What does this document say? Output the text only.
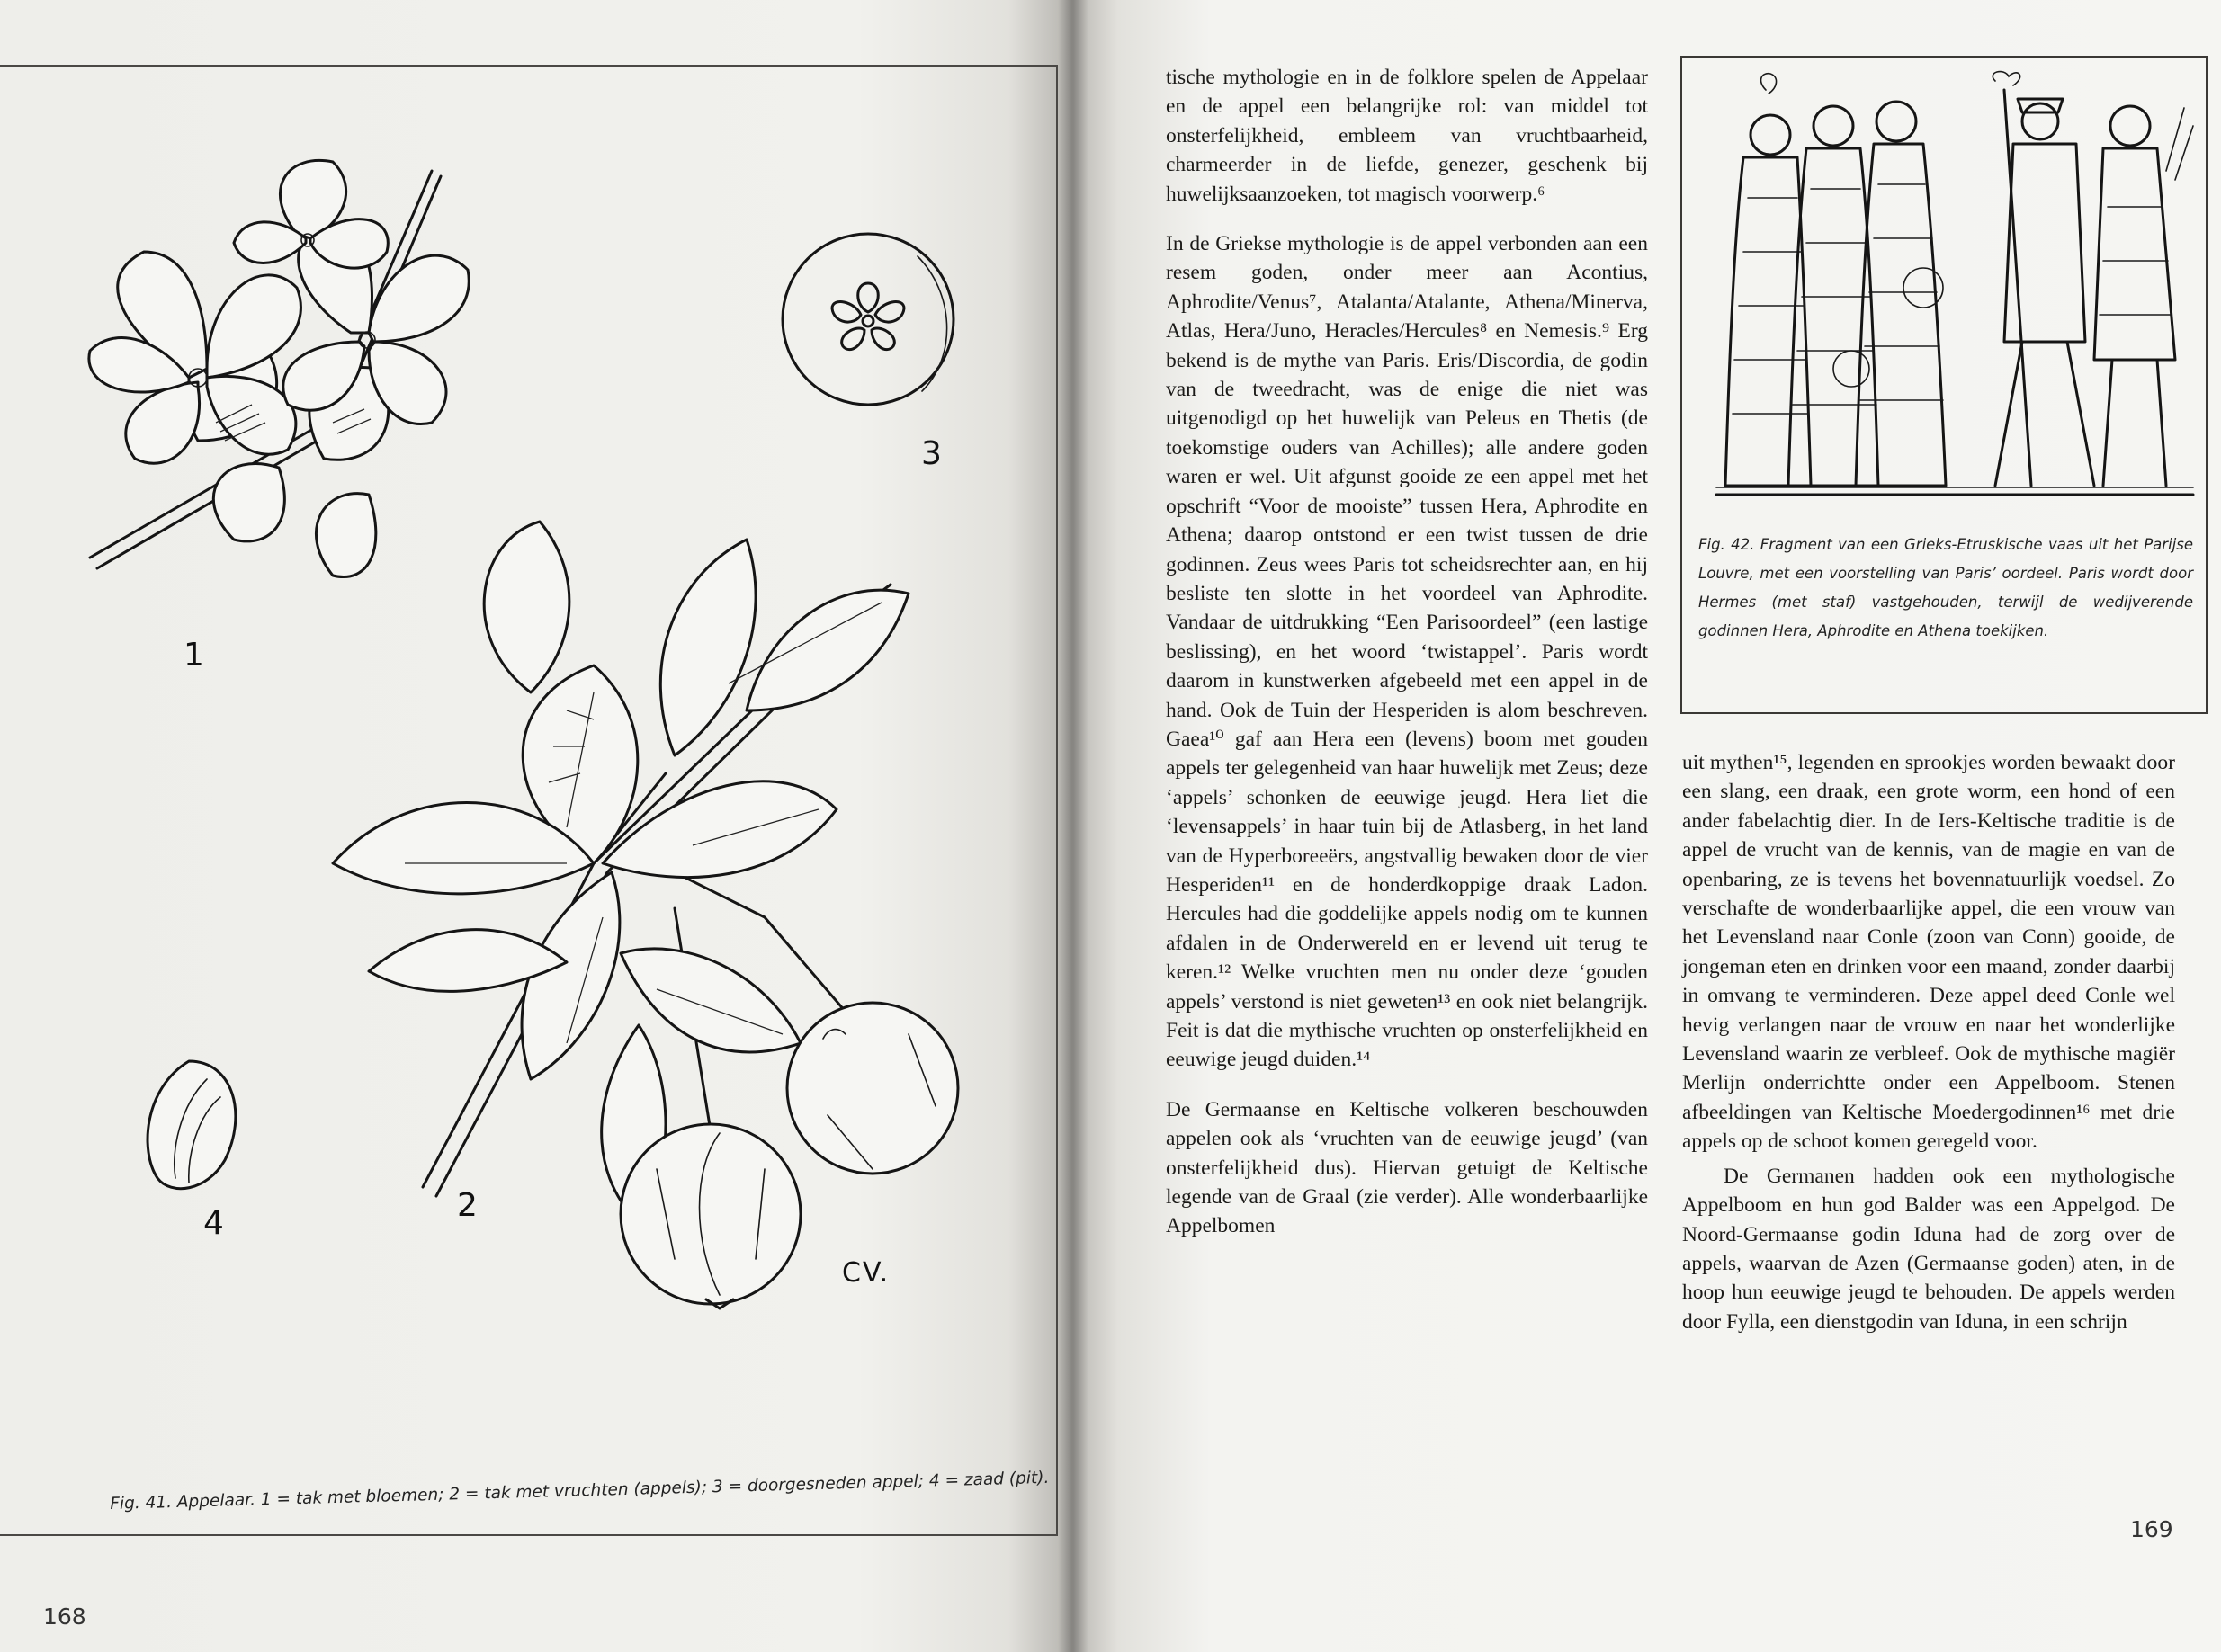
1
3
2
4
CV.
Fig. 41. Appelaar. 1 = tak met bloemen; 2 = tak met vruchten (appels); 3 = doorgesneden appel; 4 = zaad (pit).
168

tische mythologie en in de folklore spelen de Appelaar en de appel een belangrijke rol: van middel tot onsterfelijkheid, embleem van vruchtbaarheid, charmeerder in de liefde, genezer, geschenk bij huwelijksaanzoeken, tot magisch voorwerp.⁶

In de Griekse mythologie is de appel verbonden aan een resem goden, onder meer aan Acontius, Aphrodite/Venus⁷, Atalanta/Atalante, Athena/Minerva, Atlas, Hera/Juno, Heracles/Hercules⁸ en Nemesis.⁹ Erg bekend is de mythe van Paris. Eris/Discordia, de godin van de tweedracht, was de enige die niet was uitgenodigd op het huwelijk van Peleus en Thetis (de toekomstige ouders van Achilles); alle andere goden waren er wel. Uit afgunst gooide ze een appel met het opschrift “Voor de mooiste” tussen Hera, Aphrodite en Athena; daarop ontstond er een twist tussen de drie godinnen. Zeus wees Paris tot scheidsrechter aan, en hij besliste ten slotte in het voordeel van Aphrodite. Vandaar de uitdrukking “Een Parisoordeel” (een lastige beslissing), en het woord ‘twistappel’. Paris wordt daarom in kunstwerken afgebeeld met een appel in de hand. Ook de Tuin der Hesperiden is alom beschreven. Gaea¹⁰ gaf aan Hera een (levens) boom met gouden appels ter gelegenheid van haar huwelijk met Zeus; deze ‘appels’ schonken de eeuwige jeugd. Hera liet die ‘levensappels’ in haar tuin bij de Atlasberg, in het land van de Hyperboreeërs, angstvallig bewaken door de vier Hesperiden¹¹ en de honderdkoppige draak Ladon. Hercules had die goddelijke appels nodig om te kunnen afdalen in de Onderwereld en er levend uit terug te keren.¹² Welke vruchten men nu onder deze ‘gouden appels’ verstond is niet geweten¹³ en ook niet belangrijk. Feit is dat die mythische vruchten op onsterfelijkheid en eeuwige jeugd duiden.¹⁴

De Germaanse en Keltische volkeren beschouwden appelen ook als ‘vruchten van de eeuwige jeugd’ (van onsterfelijkheid dus). Hiervan getuigt de Keltische legende van de Graal (zie verder). Alle wonderbaarlijke Appelbomen

Fig. 42. Fragment van een Grieks-Etruskische vaas uit het Parijse Louvre, met een voorstelling van Paris’ oordeel. Paris wordt door Hermes (met staf) vastgehouden, terwijl de wedijverende godinnen Hera, Aphrodite en Athena toekijken.

uit mythen¹⁵, legenden en sprookjes worden bewaakt door een slang, een draak, een grote worm, een hond of een ander fabelachtig dier. In de Iers-Keltische traditie is de appel de vrucht van de kennis, van de magie en van de openbaring, ze is tevens het bovennatuurlijk voedsel. Zo verschafte de wonderbaarlijke appel, die een vrouw van het Levensland naar Conle (zoon van Conn) gooide, de jongeman eten en drinken voor een maand, zonder daarbij in omvang te verminderen. Deze appel deed Conle wel hevig verlangen naar de vrouw en naar het wonderlijke Levensland waarin ze verbleef. Ook de mythische magiër Merlijn onderrichtte onder een Appelboom. Stenen afbeeldingen van Keltische Moedergodinnen¹⁶ met drie appels op de schoot komen geregeld voor.

De Germanen hadden ook een mythologische Appelboom en hun god Balder was een Appelgod. De Noord-Germaanse godin Iduna had de zorg over de appels, waarvan de Azen (Germaanse goden) aten, in de hoop hun eeuwige jeugd te behouden. De appels werden door Fylla, een dienstgodin van Iduna, in een schrijn

169
